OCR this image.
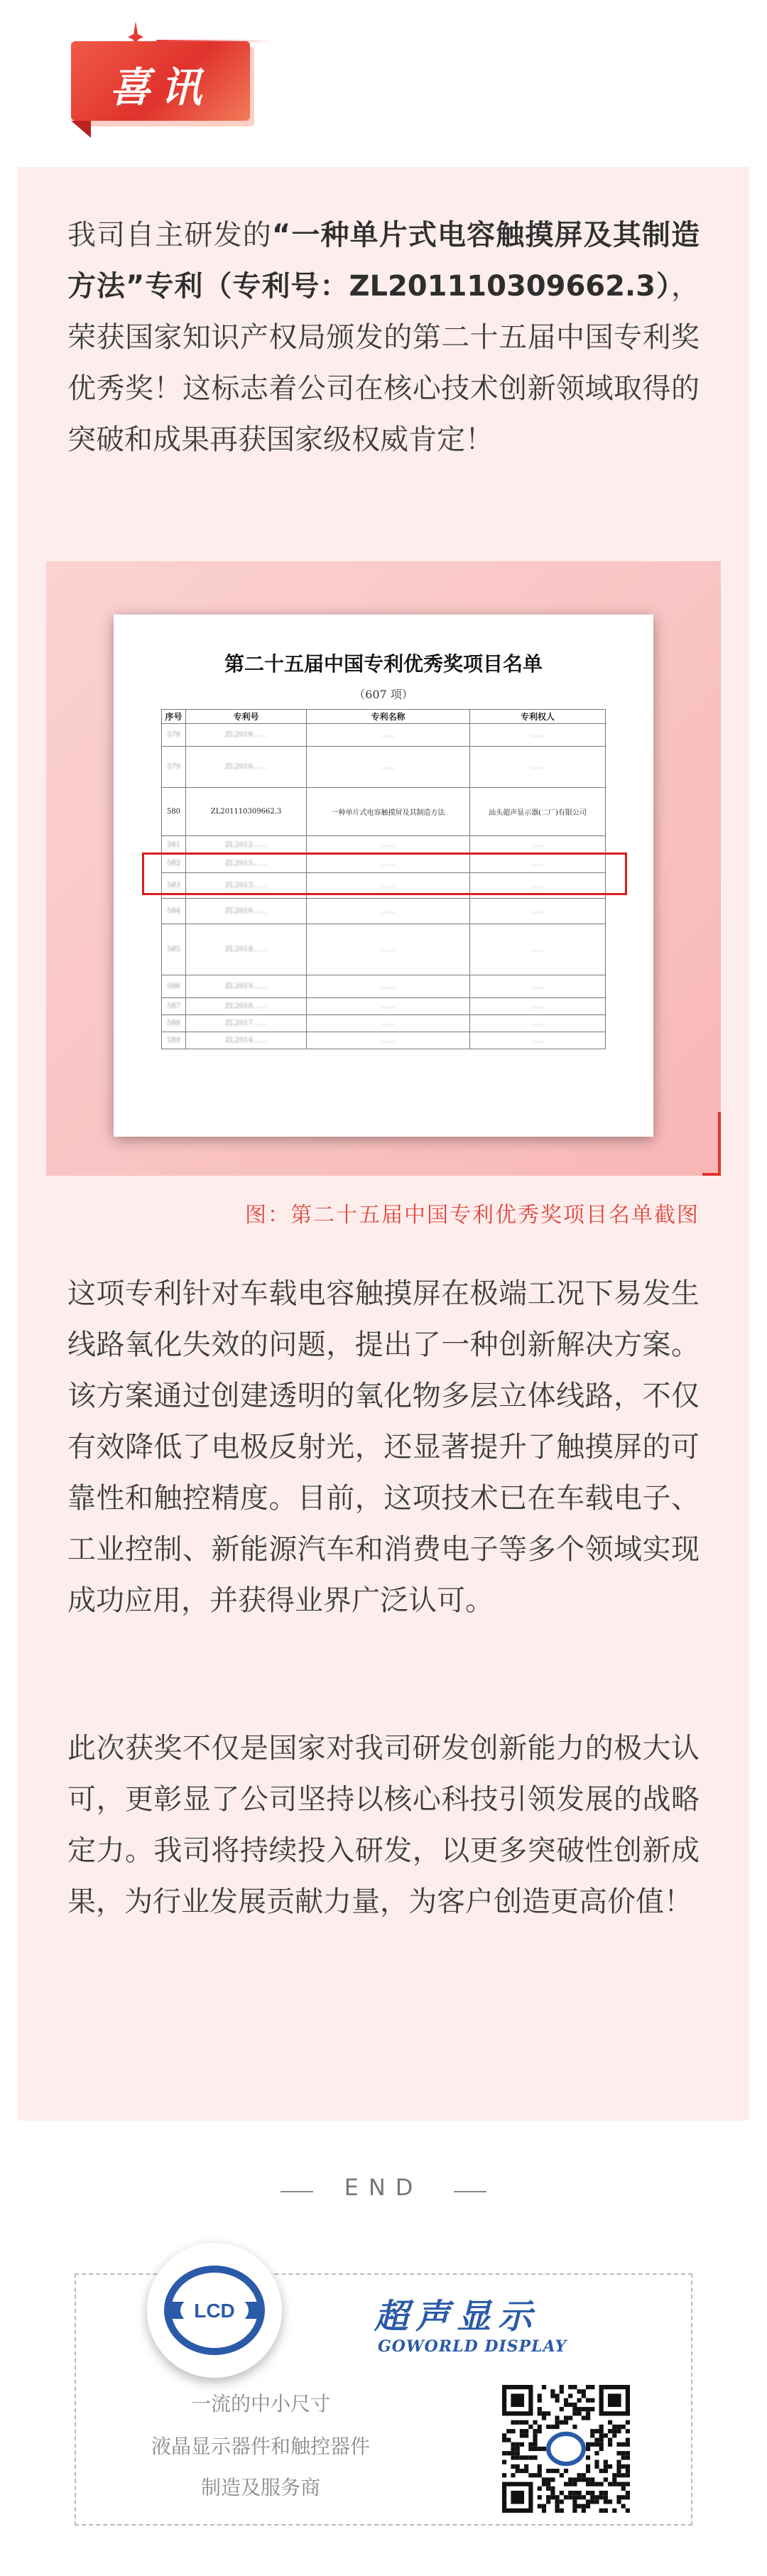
喜讯

我司自主研发的“一种单片式电容触摸屏及其制造方法”专利（专利号：ZL201110309662.3），荣获国家知识产权局颁发的第二十五届中国专利奖优秀奖！这标志着公司在核心技术创新领域取得的突破和成果再获国家级权威肯定！

第二十五届中国专利优秀奖项目名单
（607 项）
序号	专利号	专利名称	专利权人
578	ZL2018……	……	……
579	ZL2016……	……	……
580	ZL201110309662.3	一种单片式电容触摸屏及其制造方法	汕头超声显示器(二厂)有限公司
581	ZL2012……	……	……
582	ZL2015……	……	……
583	ZL2013……	……	……
584	ZL2016……	……	……
585	ZL2018……	……	……
586	ZL2019……	……	……
587	ZL2018……	……	……
588	ZL2017……	……	……
589	ZL2014……	……	……
图：第二十五届中国专利优秀奖项目名单截图

这项专利针对车载电容触摸屏在极端工况下易发生线路氧化失效的问题，提出了一种创新解决方案。该方案通过创建透明的氧化物多层立体线路，不仅有效降低了电极反射光，还显著提升了触摸屏的可靠性和触控精度。目前，这项技术已在车载电子、工业控制、新能源汽车和消费电子等多个领域实现成功应用，并获得业界广泛认可。

此次获奖不仅是国家对我司研发创新能力的极大认可，更彰显了公司坚持以核心科技引领发展的战略定力。我司将持续投入研发，以更多突破性创新成果，为行业发展贡献力量，为客户创造更高价值！

END
LCD	超声显示
GOWORLD DISPLAY
一流的中小尺寸
液晶显示器件和触控器件
制造及服务商
